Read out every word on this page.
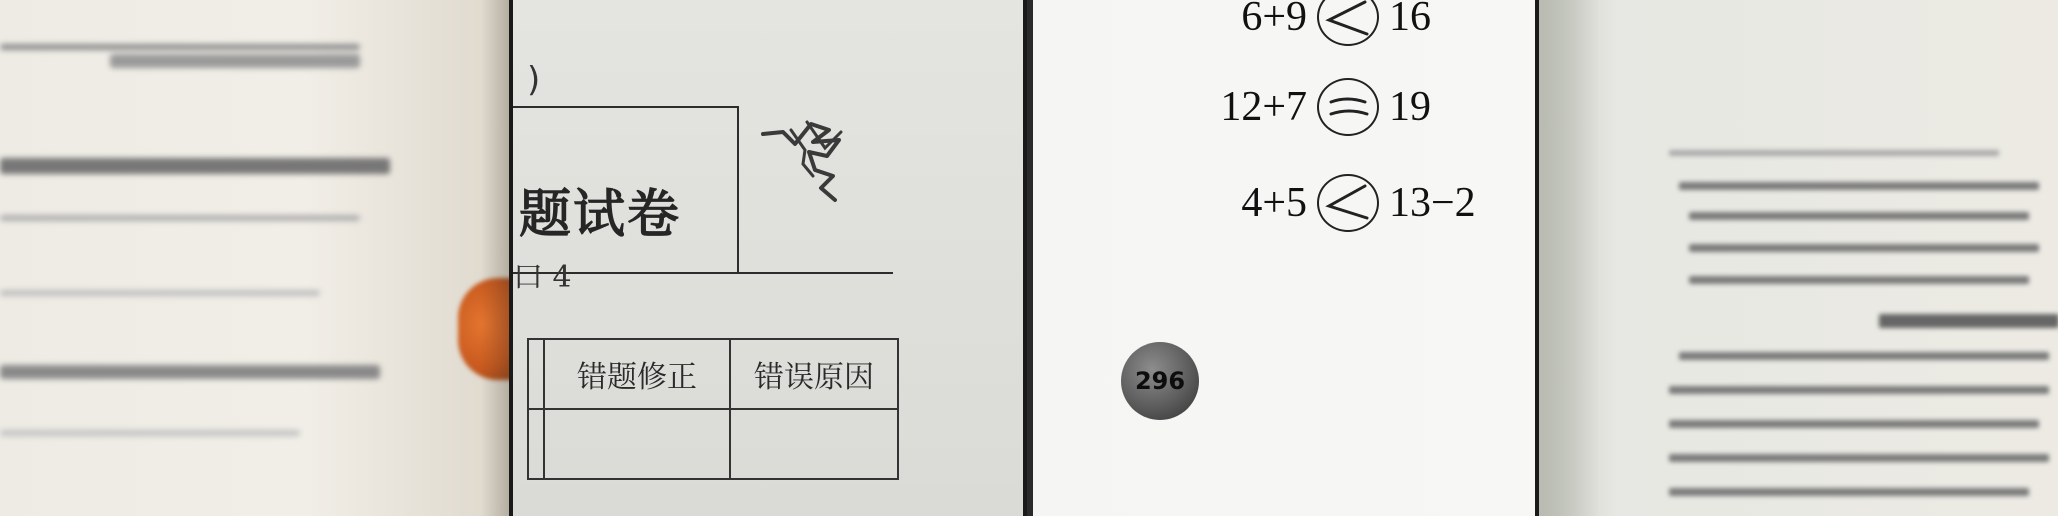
)
题试卷
口 4
	错题修正	错误原因

6+9 16
12+7 19
4+5 13−2
296
